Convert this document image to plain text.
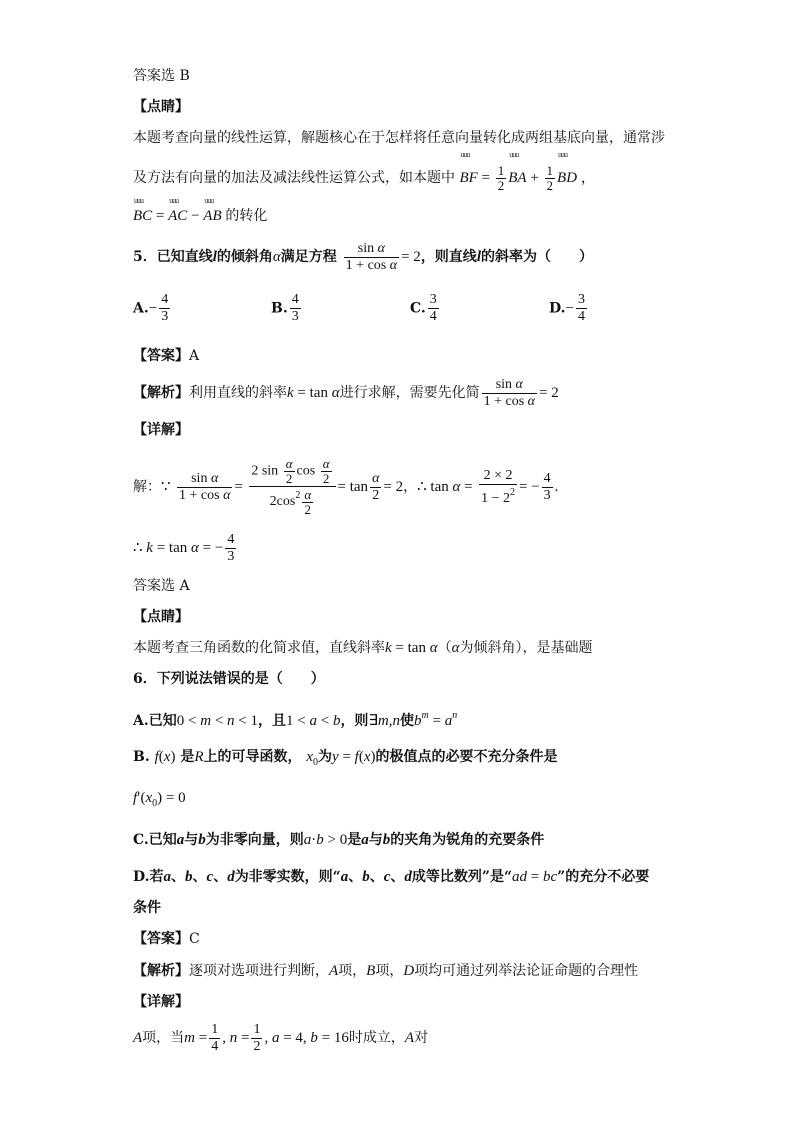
答案选 B
【点睛】
本题考查向量的线性运算，解题核心在于怎样将任意向量转化成两组基底向量，通常涉
及方法有向量的加法及减法线性运算公式，如本题中 uuu BF = $\frac{1}{2}$ uuu BA + $\frac{1}{2}$ uuu BD ，
uuu BC = uuu AC − uuu AB 的转化
5．已知直线l的倾斜角α满足方程 $\frac{\text{sin α}}{\text{1 + cos α}} = 2$，则直线l的斜率为（　　）
$A.- \frac{4}{3}$	B. $\frac{4}{3}$	C. $\frac{3}{4}$	$D.- \frac{3}{4}$
【答案】A
【解析】利用直线的斜率k = tan α进行求解，需要先化简 $\frac{\text{sin α}}{\text{1 + cos α}} = 2$
【详解】
解：∵ $\frac{\text{sin α}}{\text{1 + cos α}} = \frac{2 \sin \frac{\alpha}{2} \cos \frac{\alpha}{2}}{2\cos^2 \frac{\alpha}{2}} = \tan \frac{\alpha}{2} = 2$，∴ $\tan \alpha = \frac{2 \times 2}{1 - 2^2}$ = − $\frac{4}{3}$ .
∴ k = tan α = − $\frac{4}{3}$
答案选 A
【点睛】
本题考查三角函数的化简求值，直线斜率k = tan α（α为倾斜角），是基础题
6．下列说法错误的是（　　）
A.已知0 < m < n < 1，且1 < a < b，则∃m,n使$b^m = a^n$
B. f(x) 是R上的可导函数， $x_0$为y = f(x)的极值点的必要不充分条件是
$f'(x_0) = 0$
C.已知a与b为非零向量，则a·b > 0是a与b的夹角为锐角的充要条件
D.若a、b、c、d为非零实数，则“a、b、c、d成等比数列”是“ad = bc”的充分不必要
条件
【答案】C
【解析】逐项对选项进行判断，A项，B项，D项均可通过列举法论证命题的合理性
【详解】
A项，当$m = \frac{1}{4}$ , $n = \frac{1}{2}$ , a = 4, b = 16时成立，A对
